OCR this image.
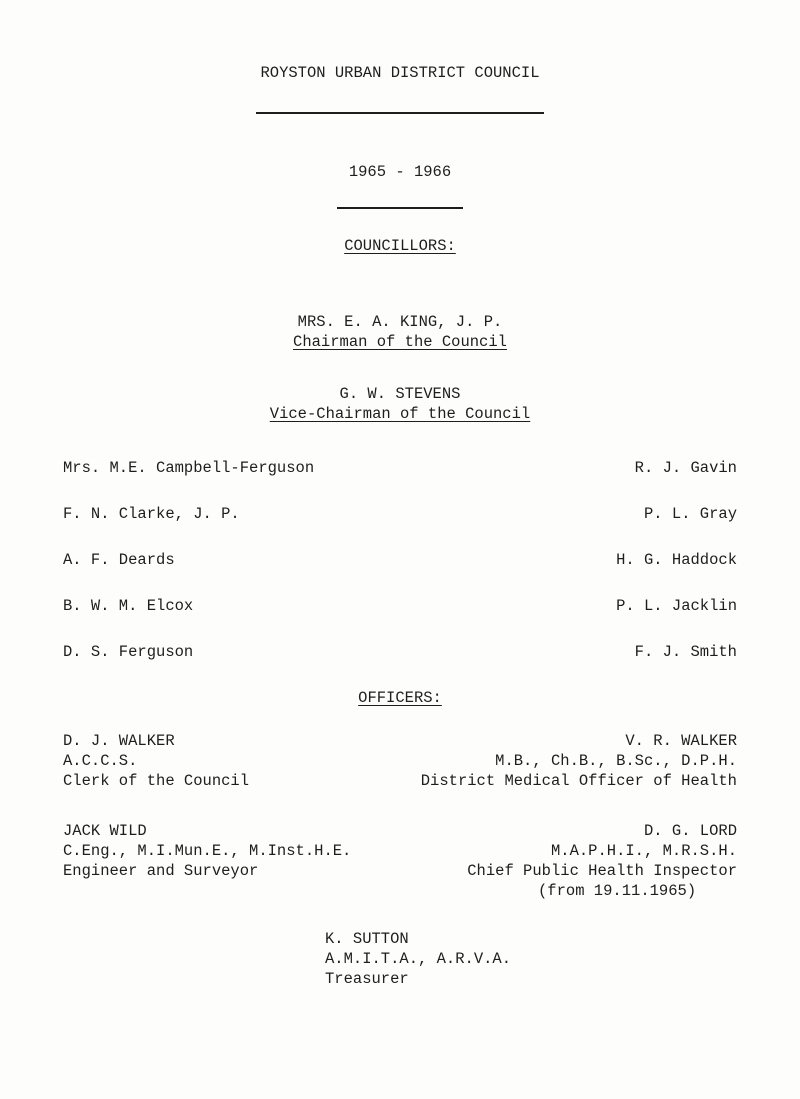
ROYSTON URBAN DISTRICT COUNCIL
1965 - 1966
COUNCILLORS:
MRS. E. A. KING, J. P.
Chairman of the Council
G. W. STEVENS
Vice-Chairman of the Council
Mrs. M.E. Campbell-Ferguson
F. N. Clarke, J. P.
A. F. Deards
B. W. M. Elcox
D. S. Ferguson
R. J. Gavin
P. L. Gray
H. G. Haddock
P. L. Jacklin
F. J. Smith
OFFICERS:
D. J. WALKER
A.C.C.S.
Clerk of the Council
V. R. WALKER
M.B., Ch.B., B.Sc., D.P.H.
District Medical Officer of Health
JACK WILD
C.Eng., M.I.Mun.E., M.Inst.H.E.
Engineer and Surveyor
D. G. LORD
M.A.P.H.I., M.R.S.H.
Chief Public Health Inspector
(from 19.11.1965)
K. SUTTON
A.M.I.T.A., A.R.V.A.
Treasurer
